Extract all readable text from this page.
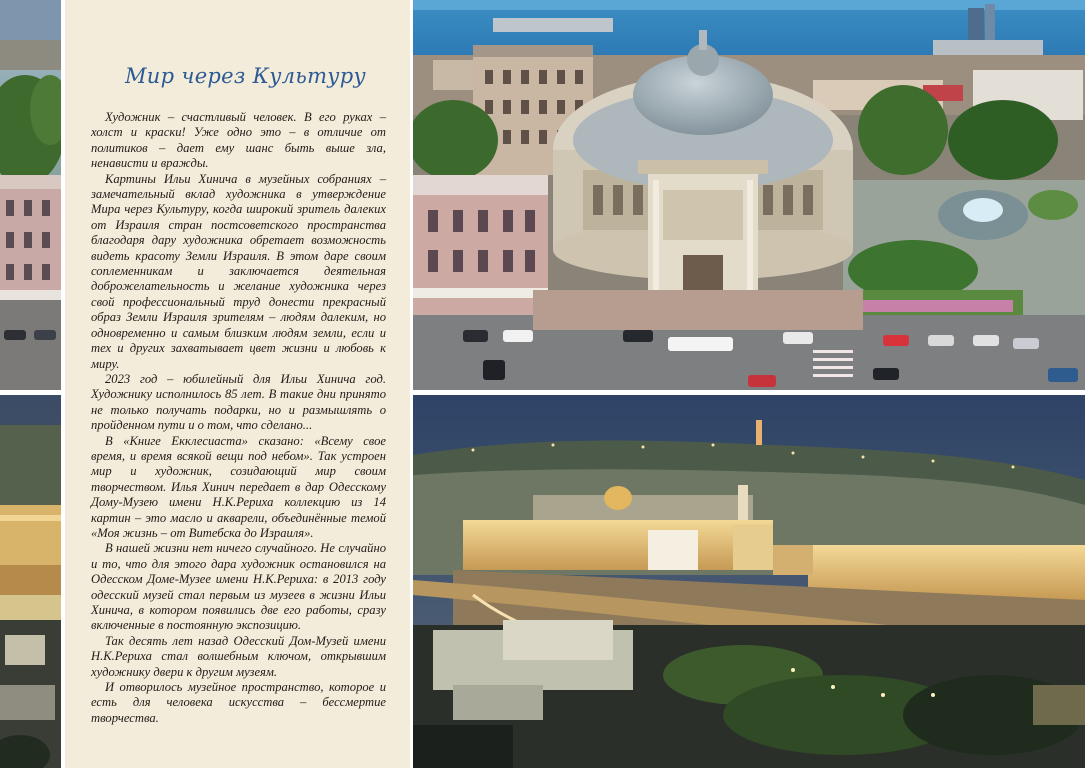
Мир через Культуру

Художник – счастливый человек. В его руках – холст и краски! Уже одно это – в отличие от политиков – дает ему шанс быть выше зла, ненависти и вражды.

Картины Ильи Хинича в музейных собраниях – замечательный вклад художника в утверждение Мира через Культуру, когда широкий зритель далеких от Израиля стран постсоветского пространства благодаря дару художника обретает возможность видеть красоту Земли Израиля. В этом даре своим соплеменникам и заключается деятельная доброжелательность и желание художника через свой профессиональный труд донести прекрасный образ Земли Израиля зрителям – людям далеким, но одновременно и самым близким людям земли, если и тех и других захватывает цвет жизни и любовь к миру.

2023 год – юбилейный для Ильи Хинича год. Художнику исполнилось 85 лет. В такие дни принято не только получать подарки, но и размышлять о пройденном пути и о том, что сделано...

В «Книге Екклесиаста» сказано: «Всему свое время, и время всякой вещи под небом». Так устроен мир и художник, созидающий мир своим творчеством. Илья Хинич передает в дар Одесскому Дому-Музею имени Н.К.Рериха коллекцию из 14 картин – это масло и акварели, объединённые темой «Моя жизнь – от Витебска до Израиля».

В нашей жизни нет ничего случайного. Не случайно и то, что для этого дара художник остановился на Одесском Доме-Музее имени Н.К.Рериха: в 2013 году одесский музей стал первым из музеев в жизни Ильи Хинича, в котором появились две его работы, сразу включенные в постоянную экспозицию.

Так десять лет назад Одесский Дом-Музей имени Н.К.Рериха стал волшебным ключом, открывшим художнику двери к другим музеям.

И отворилось музейное пространство, которое и есть для человека искусства – бессмертие творчества.
